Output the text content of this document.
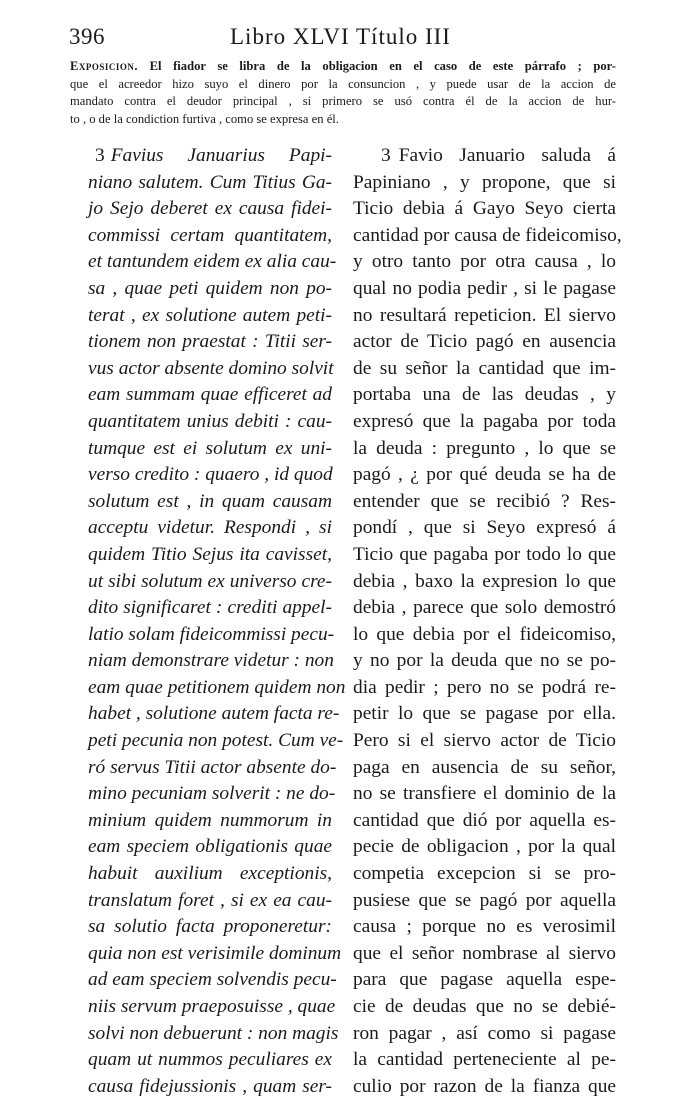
396	Libro XLVI Título III
Exposicion. El fiador se libra de la obligacion en el caso de este párrafo ; por-
que el acreedor hizo suyo el dinero por la consuncion , y puede usar de la accion de
mandato contra el deudor principal , si primero se usó contra él de la accion de hur-
to , o de la condiction furtiva , como se expresa en él.
3 Favius Januarius Papi-
niano salutem. Cum Titius Ga-
jo Sejo deberet ex causa fidei-
commissi certam quantitatem,
et tantundem eidem ex alia cau-
sa , quae peti quidem non po-
terat , ex solutione autem peti-
tionem non praestat : Titii ser-
vus actor absente domino solvit
eam summam quae efficeret ad
quantitatem unius debiti : cau-
tumque est ei solutum ex uni-
verso credito : quaero , id quod
solutum est , in quam causam
acceptu videtur. Respondi , si
quidem Titio Sejus ita cavisset,
ut sibi solutum ex universo cre-
dito significaret : crediti appel-
latio solam fideicommissi pecu-
niam demonstrare videtur : non
eam quae petitionem quidem non
habet , solutione autem facta re-
peti pecunia non potest. Cum ve-
ró servus Titii actor absente do-
mino pecuniam solverit : ne do-
minium quidem nummorum in
eam speciem obligationis quae
habuit auxilium exceptionis,
translatum foret , si ex ea cau-
sa solutio facta proponeretur:
quia non est verisimile dominum
ad eam speciem solvendis pecu-
niis servum praeposuisse , quae
solvi non debuerunt : non magis
quam ut nummos peculiares ex
causa fidejussionis , quam ser-
3 Favio Januario saluda á
Papiniano , y propone, que si
Ticio debia á Gayo Seyo cierta
cantidad por causa de fideicomiso,
y otro tanto por otra causa , lo
qual no podia pedir , si le pagase
no resultará repeticion. El siervo
actor de Ticio pagó en ausencia
de su señor la cantidad que im-
portaba una de las deudas , y
expresó que la pagaba por toda
la deuda : pregunto , lo que se
pagó , ¿ por qué deuda se ha de
entender que se recibió ? Res-
pondí , que si Seyo expresó á
Ticio que pagaba por todo lo que
debia , baxo la expresion lo que
debia , parece que solo demostró
lo que debia por el fideicomiso,
y no por la deuda que no se po-
dia pedir ; pero no se podrá re-
petir lo que se pagase por ella.
Pero si el siervo actor de Ticio
paga en ausencia de su señor,
no se transfiere el dominio de la
cantidad que dió por aquella es-
pecie de obligacion , por la qual
competia excepcion si se pro-
pusiese que se pagó por aquella
causa ; porque no es verosimil
que el señor nombrase al siervo
para que pagase aquella espe-
cie de deudas que no se debié-
ron pagar , así como si pagase
la cantidad perteneciente al pe-
culio por razon de la fianza que
